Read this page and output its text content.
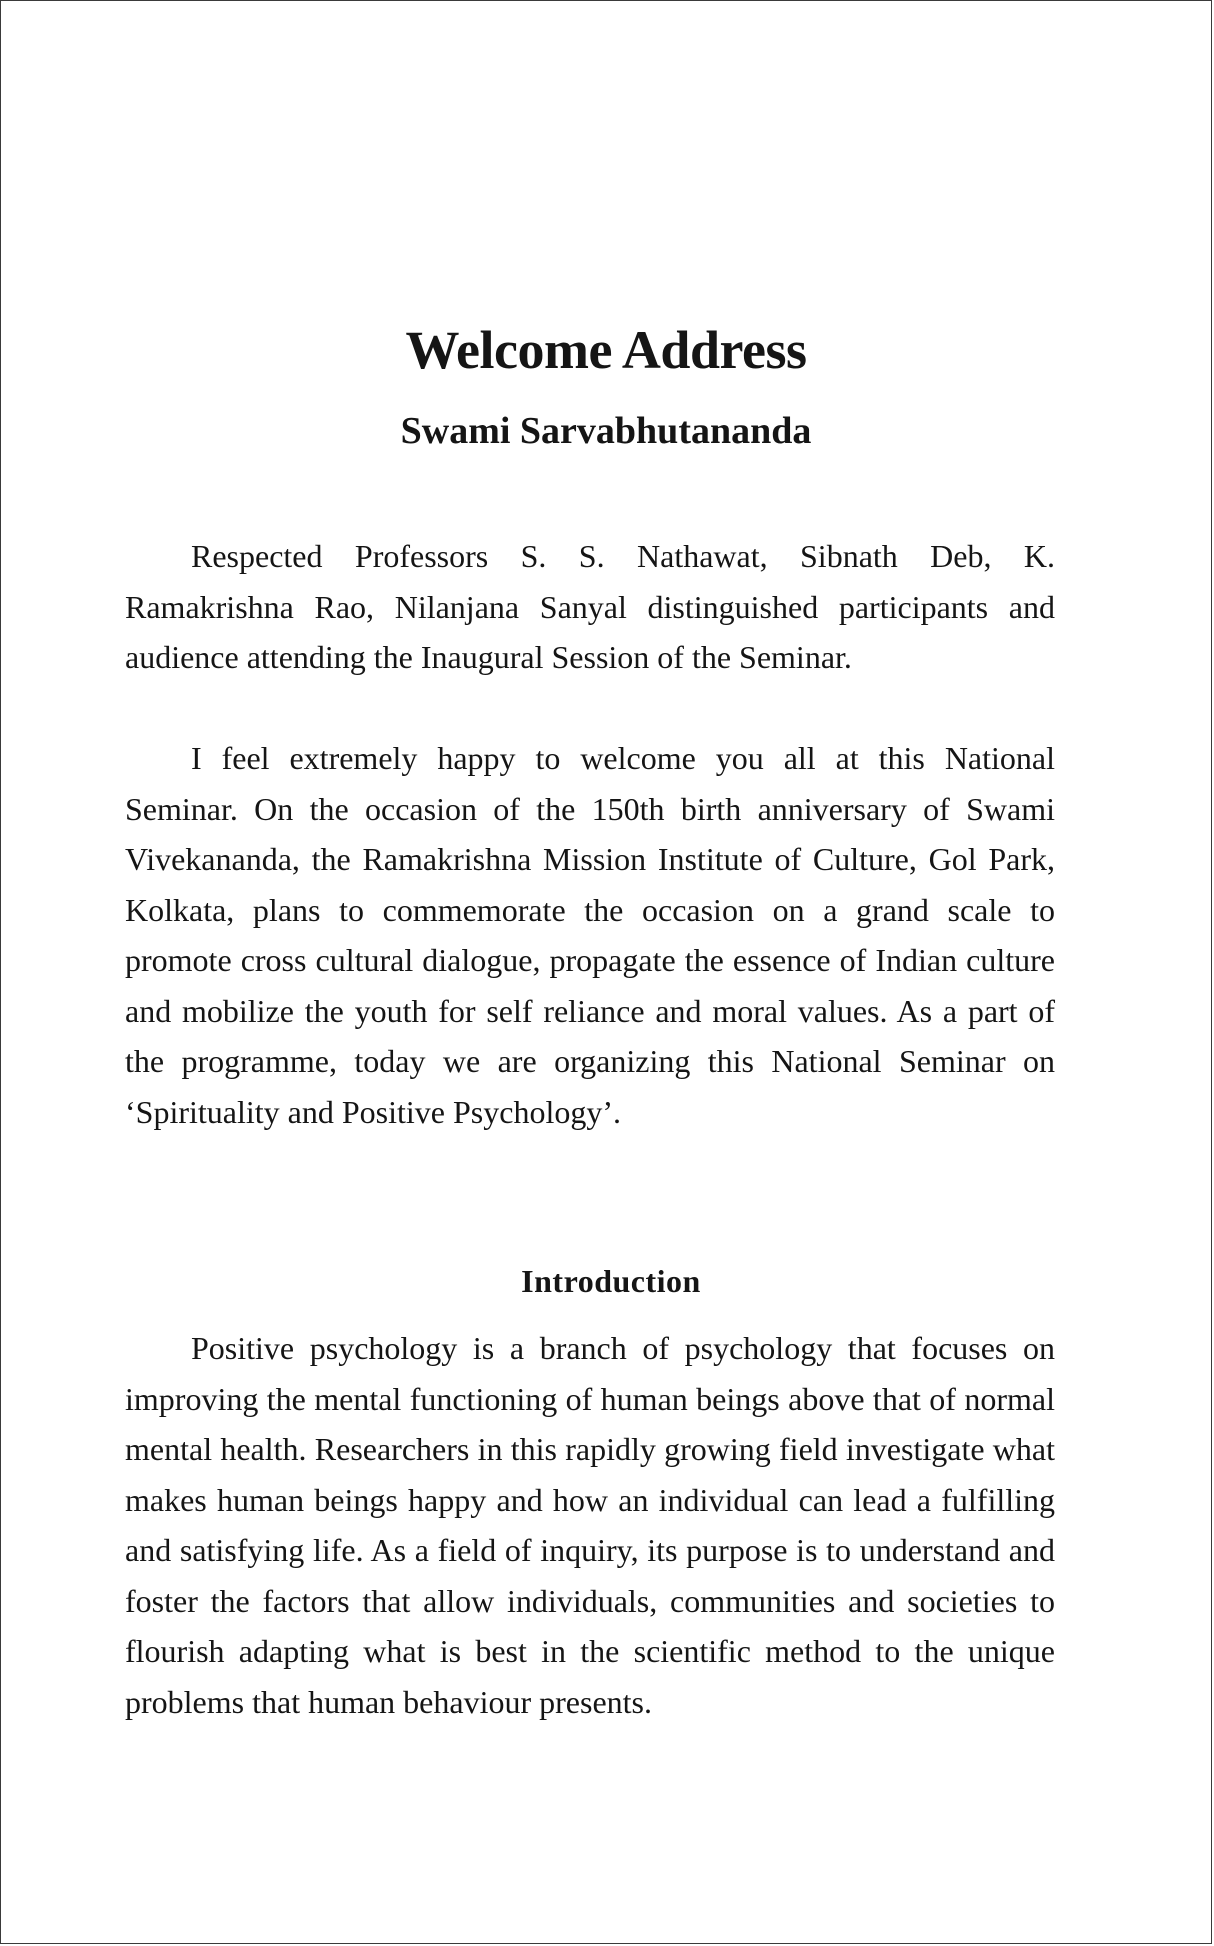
Welcome Address
Swami Sarvabhutananda

Respected Professors S. S. Nathawat, Sibnath Deb, K. Ramakrishna Rao, Nilanjana Sanyal distinguished participants and audience attending the Inaugural Session of the Seminar.

I feel extremely happy to welcome you all at this National Seminar. On the occasion of the 150th birth anniversary of Swami Vivekananda, the Ramakrishna Mission Institute of Culture, Gol Park, Kolkata, plans to commemorate the occasion on a grand scale to promote cross cultural dialogue, propagate the essence of Indian culture and mobilize the youth for self reliance and moral values. As a part of the programme, today we are organizing this National Seminar on ‘Spirituality and Positive Psychology’.

Introduction

Positive psychology is a branch of psychology that focuses on improving the mental functioning of human beings above that of normal mental health. Researchers in this rapidly growing field investigate what makes human beings happy and how an individual can lead a fulfilling and satisfying life. As a field of inquiry, its purpose is to understand and foster the factors that allow individuals, communities and societies to flourish adapting what is best in the scientific method to the unique problems that human behaviour presents.
